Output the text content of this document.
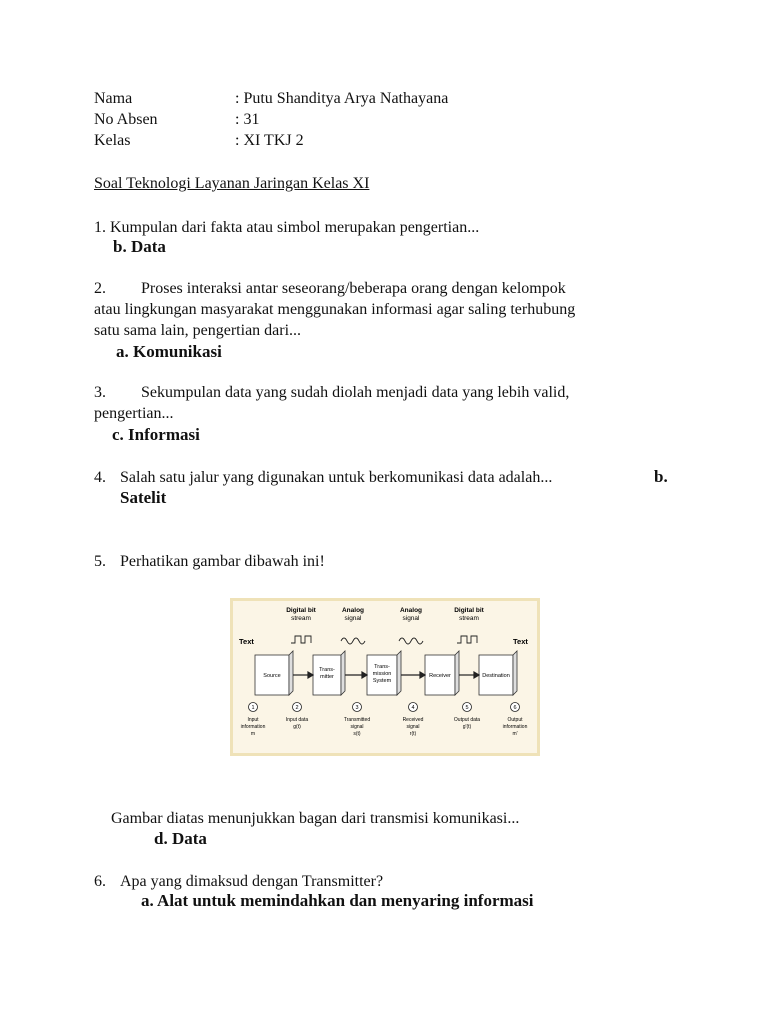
Nama	: Putu Shanditya Arya Nathayana
No Absen	: 31
Kelas	: XI TKJ 2
Soal Teknologi Layanan Jaringan Kelas XI
1. Kumpulan dari fakta atau simbol merupakan pengertian...
b. Data
2. Proses interaksi antar seseorang/beberapa orang dengan kelompok
atau lingkungan masyarakat menggunakan informasi agar saling terhubung
satu sama lain, pengertian dari...
a. Komunikasi
3. Sekumpulan data yang sudah diolah menjadi data yang lebih valid,
pengertian...
c. Informasi
4. Salah satu jalur yang digunakan untuk berkomunikasi data adalah...	b.
Satelit
5. Perhatikan gambar dibawah ini!
Digital bit
stream
Analog
signal
Analog
signal
Digital bit
stream
Text	Text
Source
Trans-
mitter
Trans-
mission
System
Receiver	Destination
1	2	3	4	5	6
Input
information
m
Input data
g(t)
Transmitted
signal
s(t)
Received
signal
r(t)
Output data
g'(t)
Output
information
m'
Gambar diatas menunjukkan bagan dari transmisi komunikasi...
d. Data
6. Apa yang dimaksud dengan Transmitter?
a. Alat untuk memindahkan dan menyaring informasi
